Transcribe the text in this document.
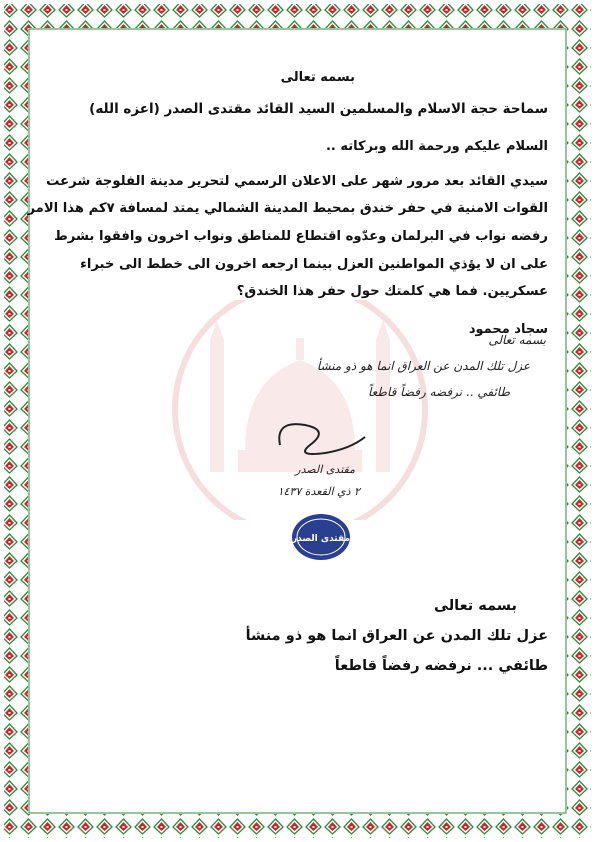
بسمه تعالى
سماحة حجة الاسلام والمسلمين السيد القائد مقتدى الصدر (اعزه الله)
السلام عليكم ورحمة الله وبركاته ..
سيدي القائد بعد مرور شهر على الاعلان الرسمي لتحرير مدينة الفلوجة شرعت
القوات الامنية في حفر خندق بمحيط المدينة الشمالي يمتد لمسافة ٧كم هذا الامر
رفضه نواب في البرلمان وعدّوه اقتطاع للمناطق ونواب اخرون وافقوا بشرط
على ان لا يؤذي المواطنين العزل بينما ارجعه اخرون الى خطط الى خبراء
عسكريين. فما هي كلمتك حول حفر هذا الخندق؟
سجاد محمود
بسمه تعالى
عزل تلك المدن عن العراق انما هو ذو منشأ
طائفي .. نرفضه رفضاً قاطعاً
مقتدى الصدر
٢ ذي القعدة ١٤٣٧
مقتدى الصدر
بسمه تعالى
عزل تلك المدن عن العراق انما هو ذو منشأ
طائفي ... نرفضه رفضاً قاطعاً
